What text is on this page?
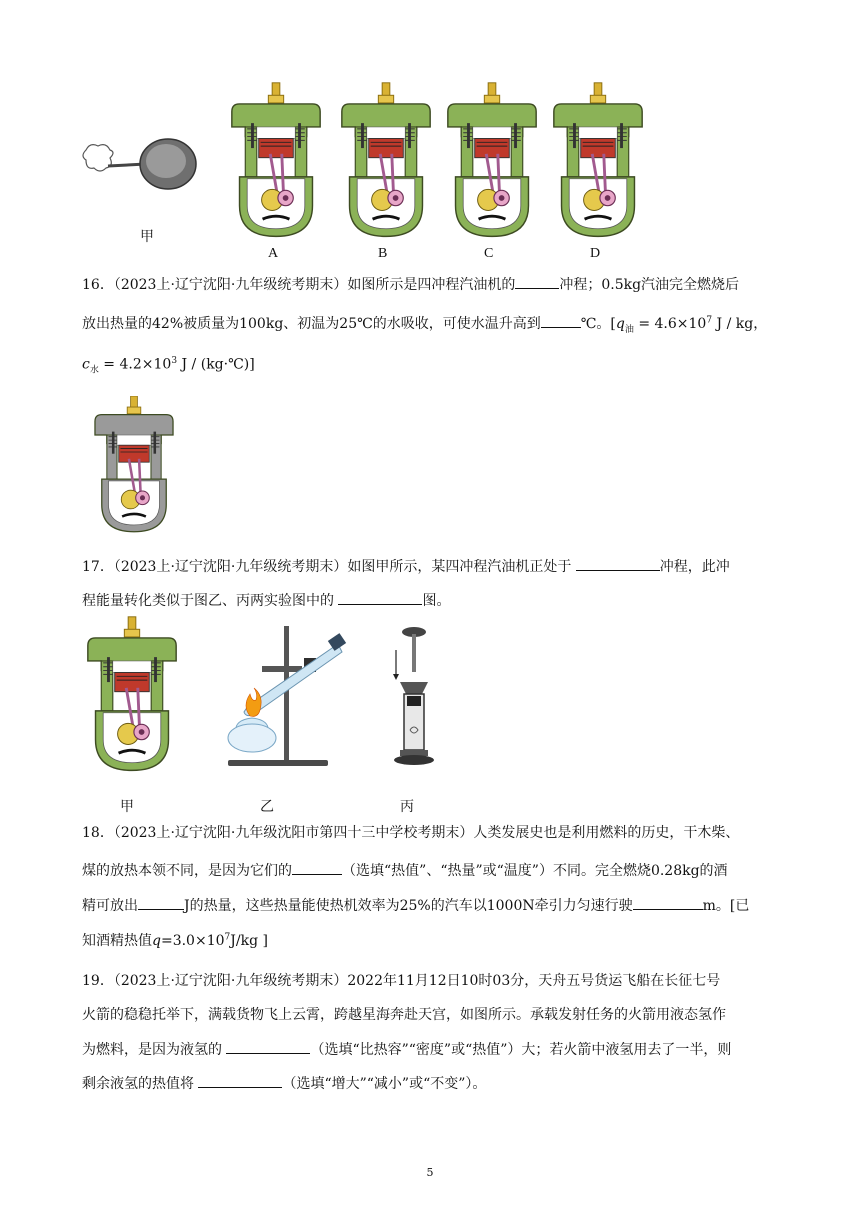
甲
A	B	C	D
16．（2023上·辽宁沈阳·九年级统考期末）如图所示是四冲程汽油机的	冲程；0.5kg汽油完全燃烧后
放出热量的42%被质量为100kg、初温为25℃的水吸收，可使水温升高到	℃。[$q_油 = 4.6\times 10^7$ J / kg，
$c_水 = 4.2\times 10^3$ J / (kg·℃)]
17．（2023上·辽宁沈阳·九年级统考期末）如图甲所示，某四冲程汽油机正处于	冲程，此冲
程能量转化类似于图乙、丙两实验图中的	图。
甲	乙	丙
18．（2023上·辽宁沈阳·九年级沈阳市第四十三中学校考期末）人类发展史也是利用燃料的历史，干木柴、
煤的放热本领不同，是因为它们的	（选填“热值”、“热量”或“温度”）不同。完全燃烧0.28kg的酒
精可放出	J的热量，这些热量能使热机效率为25%的汽车以1000N牵引力匀速行驶	m。[已
知酒精热值$q=3.0\times 10^7J/kg$ ]
19．（2023上·辽宁沈阳·九年级统考期末）2022年11月12日10时03分，天舟五号货运飞船在长征七号
火箭的稳稳托举下，满载货物飞上云霄，跨越星海奔赴天宫，如图所示。承载发射任务的火箭用液态氢作
为燃料，是因为液氢的	（选填“比热容”“密度”或“热值”）大；若火箭中液氢用去了一半，则
剩余液氢的热值将	（选填“增大”“减小”或“不变”）。
5
